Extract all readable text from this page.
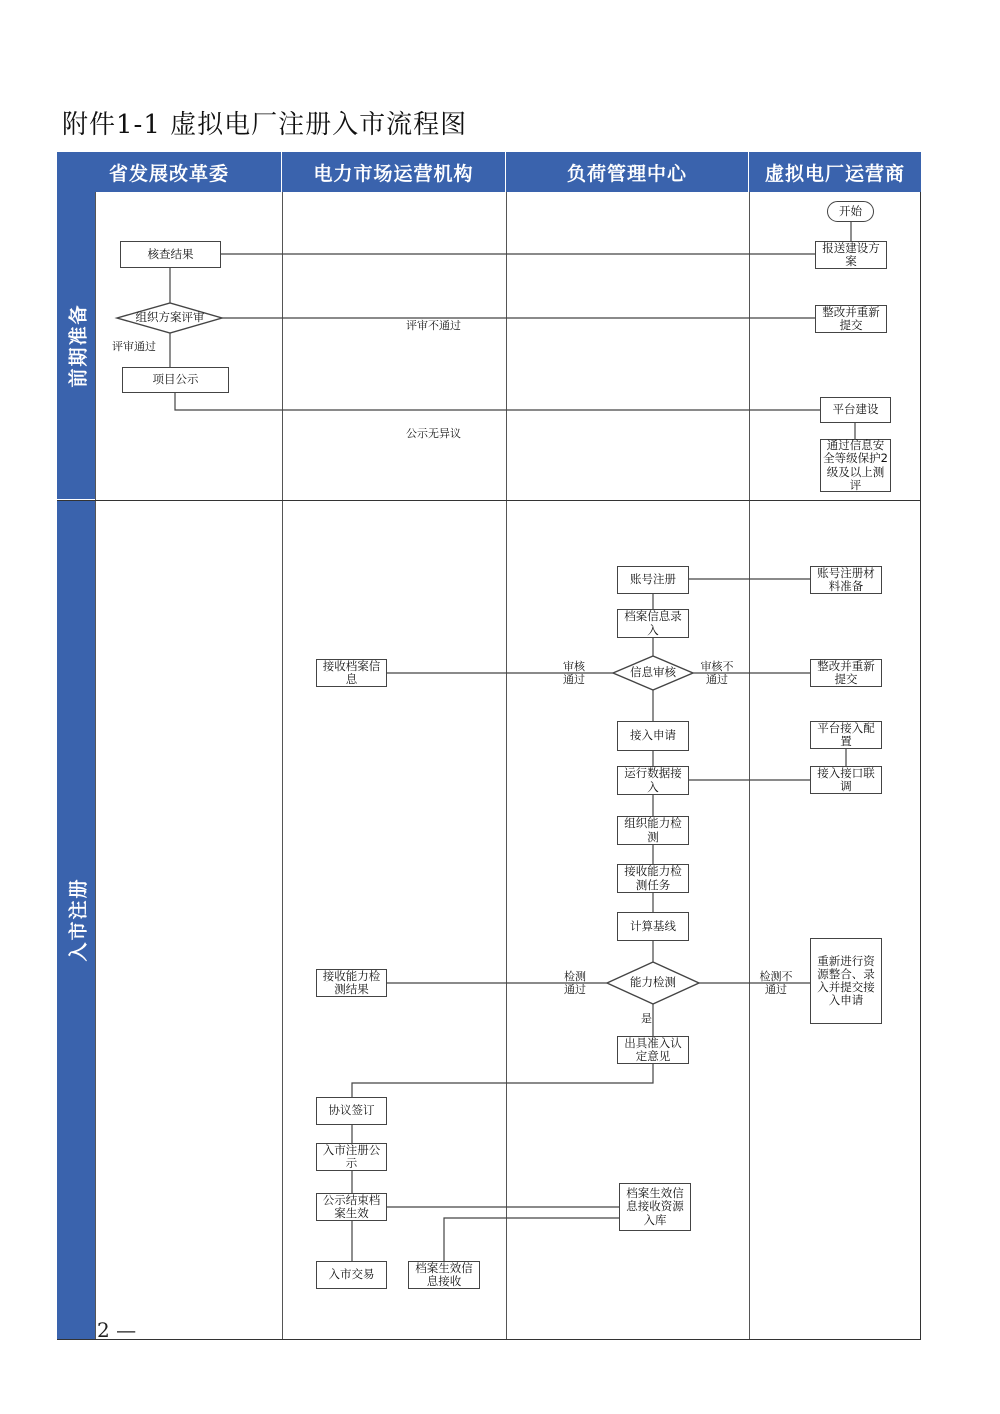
附件1-1 虚拟电厂注册入市流程图
省发展改革委	电力市场运营机构	负荷管理中心	虚拟电厂运营商
前期准备
入市注册
开始
报送建设方案
核查结果
组织方案评审	整改并重新提交
项目公示
平台建设
通过信息安全等级保护2级及以上测评
评审不通过
评审通过
公示无异议
账号注册	账号注册材料准备
档案信息录入
接收档案信息	信息审核	整改并重新提交
审核通过
审核不通过
接入申请
平台接入配置
运行数据接入
接入接口联调
组织能力检测
接收能力检测任务
计算基线
接收能力检测结果	能力检测
重新进行资源整合、录入并提交接入申请
检测通过
检测不通过
是
出具准入认定意见
协议签订
入市注册公示
公示结束档案生效
档案生效信息接收资源入库
入市交易	档案生效信息接收
2 —
